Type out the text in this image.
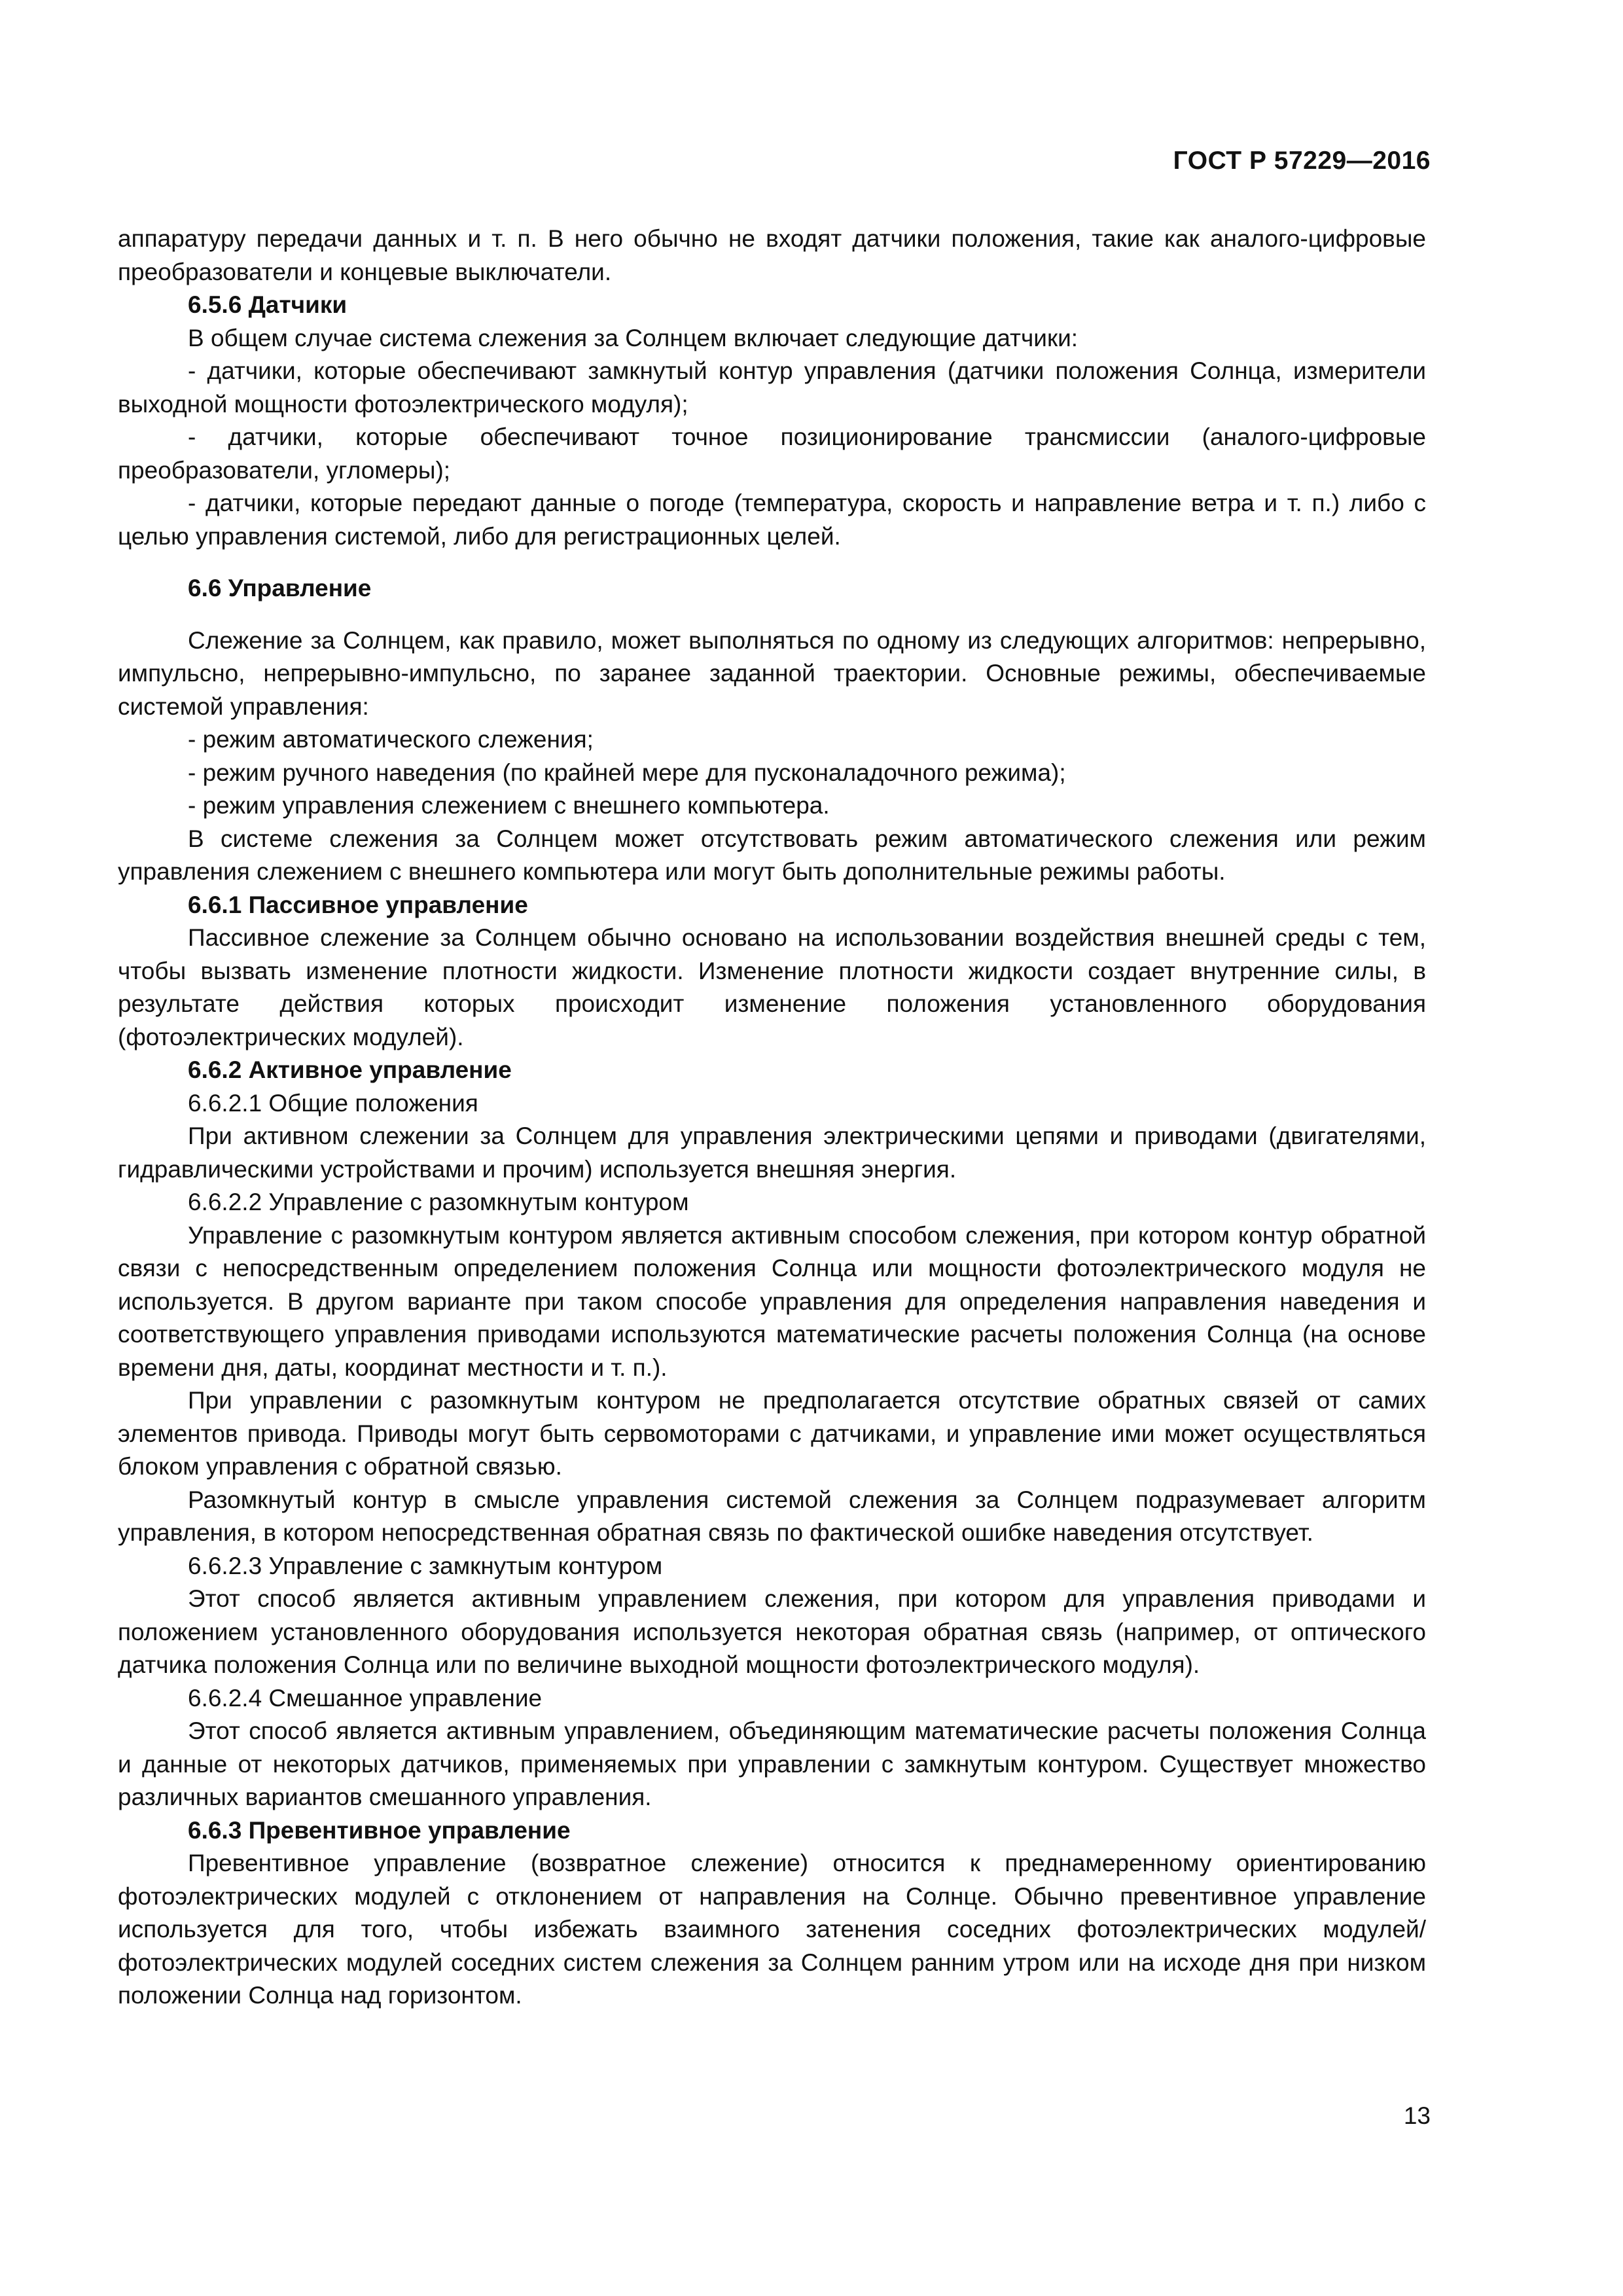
ГОСТ Р 57229—2016

аппаратуру передачи данных и т. п. В него обычно не входят датчики положения, такие как аналого-цифровые преобразователи и концевые выключатели.

6.5.6 Датчики

В общем случае система слежения за Солнцем включает следующие датчики:

- датчики, которые обеспечивают замкнутый контур управления (датчики положения Солнца, измерители выходной мощности фотоэлектрического модуля);

- датчики, которые обеспечивают точное позиционирование трансмиссии (аналого-цифровые преобразователи, угломеры);

- датчики, которые передают данные о погоде (температура, скорость и направление ветра и т. п.) либо с целью управления системой, либо для регистрационных целей.

6.6 Управление

Слежение за Солнцем, как правило, может выполняться по одному из следующих алгоритмов: непрерывно, импульсно, непрерывно-импульсно, по заранее заданной траектории. Основные режимы, обеспечиваемые системой управления:

- режим автоматического слежения;

- режим ручного наведения (по крайней мере для пусконаладочного режима);

- режим управления слежением с внешнего компьютера.

В системе слежения за Солнцем может отсутствовать режим автоматического слежения или режим управления слежением с внешнего компьютера или могут быть дополнительные режимы работы.

6.6.1 Пассивное управление

Пассивное слежение за Солнцем обычно основано на использовании воздействия внешней среды с тем, чтобы вызвать изменение плотности жидкости. Изменение плотности жидкости создает внутренние силы, в результате действия которых происходит изменение положения установленного оборудования (фотоэлектрических модулей).

6.6.2 Активное управление

6.6.2.1 Общие положения

При активном слежении за Солнцем для управления электрическими цепями и приводами (двигателями, гидравлическими устройствами и прочим) используется внешняя энергия.

6.6.2.2 Управление с разомкнутым контуром

Управление с разомкнутым контуром является активным способом слежения, при котором контур обратной связи с непосредственным определением положения Солнца или мощности фотоэлектрического модуля не используется. В другом варианте при таком способе управления для определения направления наведения и соответствующего управления приводами используются математические расчеты положения Солнца (на основе времени дня, даты, координат местности и т. п.).

При управлении с разомкнутым контуром не предполагается отсутствие обратных связей от самих элементов привода. Приводы могут быть сервомоторами с датчиками, и управление ими может осуществляться блоком управления с обратной связью.

Разомкнутый контур в смысле управления системой слежения за Солнцем подразумевает алгоритм управления, в котором непосредственная обратная связь по фактической ошибке наведения отсутствует.

6.6.2.3 Управление с замкнутым контуром

Этот способ является активным управлением слежения, при котором для управления приводами и положением установленного оборудования используется некоторая обратная связь (например, от оптического датчика положения Солнца или по величине выходной мощности фотоэлектрического модуля).

6.6.2.4 Смешанное управление

Этот способ является активным управлением, объединяющим математические расчеты положения Солнца и данные от некоторых датчиков, применяемых при управлении с замкнутым контуром. Существует множество различных вариантов смешанного управления.

6.6.3 Превентивное управление

Превентивное управление (возвратное слежение) относится к преднамеренному ориентированию фотоэлектрических модулей с отклонением от направления на Солнце. Обычно превентивное управление используется для того, чтобы избежать взаимного затенения соседних фотоэлектрических модулей/фотоэлектрических модулей соседних систем слежения за Солнцем ранним утром или на исходе дня при низком положении Солнца над горизонтом.

13
